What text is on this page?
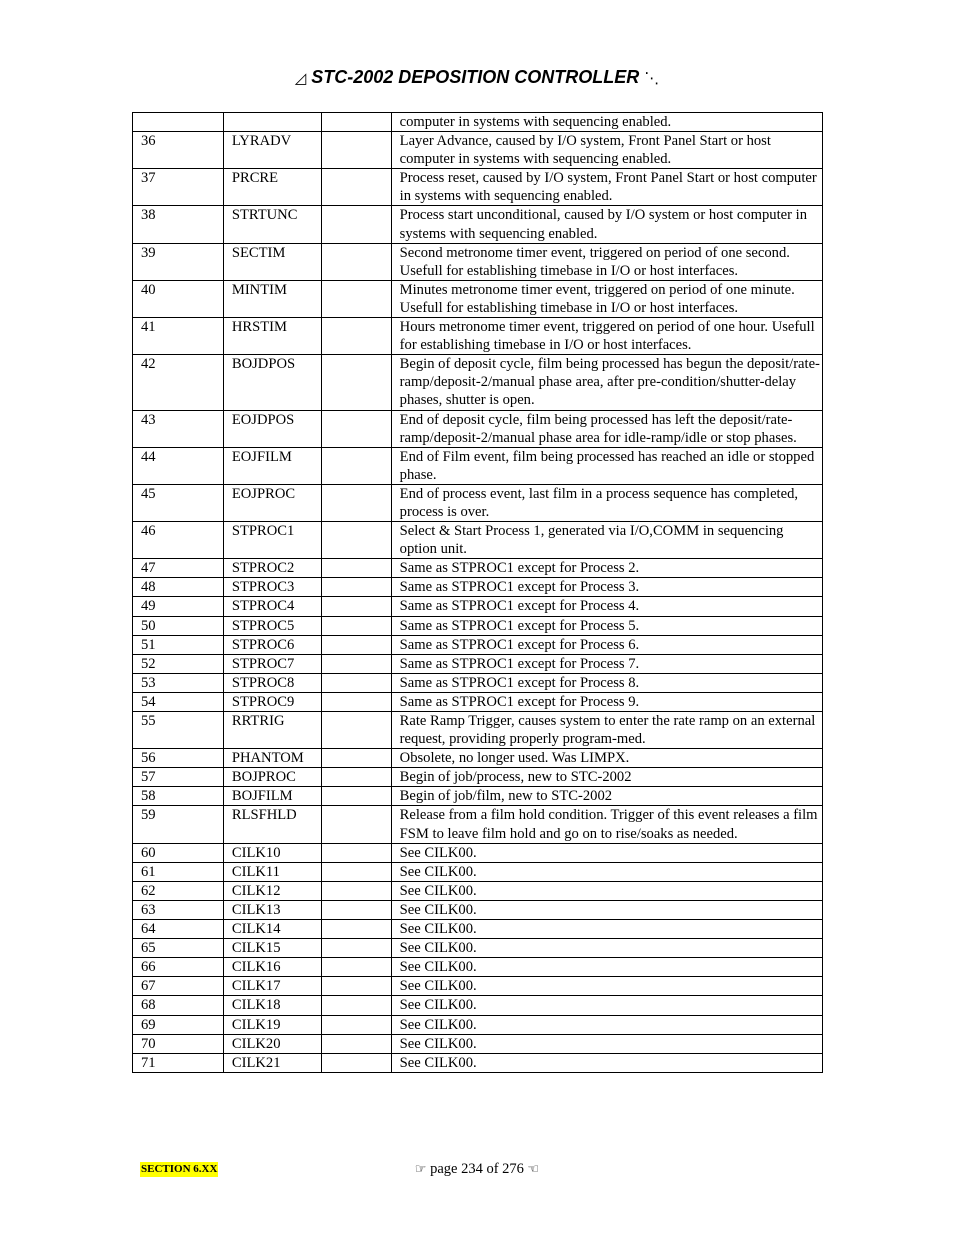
◿ STC-2002 DEPOSITION CONTROLLER ⋱
			computer in systems with sequencing enabled.
36	LYRADV		Layer Advance, caused by I/O system, Front Panel Start or host computer in systems with sequencing enabled.
37	PRCRE		Process reset, caused by I/O system, Front Panel Start or host computer in systems with sequencing enabled.
38	STRTUNC		Process start unconditional, caused by I/O system or host computer in systems with sequencing enabled.
39	SECTIM		Second metronome timer event, triggered on period of one second. Usefull for establishing timebase in I/O or host interfaces.
40	MINTIM		Minutes metronome timer event, triggered on period of one minute. Usefull for establishing timebase in I/O or host interfaces.
41	HRSTIM		Hours metronome timer event, triggered on period of one hour. Usefull for establishing timebase in I/O or host interfaces.
42	BOJDPOS		Begin of deposit cycle, film being processed has begun the deposit/rate-ramp/deposit-2/manual phase area, after pre-condition/shutter-delay phases, shutter is open.
43	EOJDPOS		End of deposit cycle, film being processed has left the deposit/rate-ramp/deposit-2/manual phase area for idle-ramp/idle or stop phases.
44	EOJFILM		End of Film event, film being processed has reached an idle or stopped phase.
45	EOJPROC		End of process event, last film in a process sequence has completed, process is over.
46	STPROC1		Select & Start Process 1, generated via I/O,COMM in sequencing option unit.
47	STPROC2		Same as STPROC1 except for Process 2.
48	STPROC3		Same as STPROC1 except for Process 3.
49	STPROC4		Same as STPROC1 except for Process 4.
50	STPROC5		Same as STPROC1 except for Process 5.
51	STPROC6		Same as STPROC1 except for Process 6.
52	STPROC7		Same as STPROC1 except for Process 7.
53	STPROC8		Same as STPROC1 except for Process 8.
54	STPROC9		Same as STPROC1 except for Process 9.
55	RRTRIG		Rate Ramp Trigger, causes system to enter the rate ramp on an external request, providing properly program-med.
56	PHANTOM		Obsolete, no longer used. Was LIMPX.
57	BOJPROC		Begin of job/process, new to STC-2002
58	BOJFILM		Begin of job/film, new to STC-2002
59	RLSFHLD		Release from a film hold condition. Trigger of this event releases a film FSM to leave film hold and go on to rise/soaks as needed.
60	CILK10		See CILK00.
61	CILK11		See CILK00.
62	CILK12		See CILK00.
63	CILK13		See CILK00.
64	CILK14		See CILK00.
65	CILK15		See CILK00.
66	CILK16		See CILK00.
67	CILK17		See CILK00.
68	CILK18		See CILK00.
69	CILK19		See CILK00.
70	CILK20		See CILK00.
71	CILK21		See CILK00.
SECTION 6.XX	☞ page 234 of 276 ☜
